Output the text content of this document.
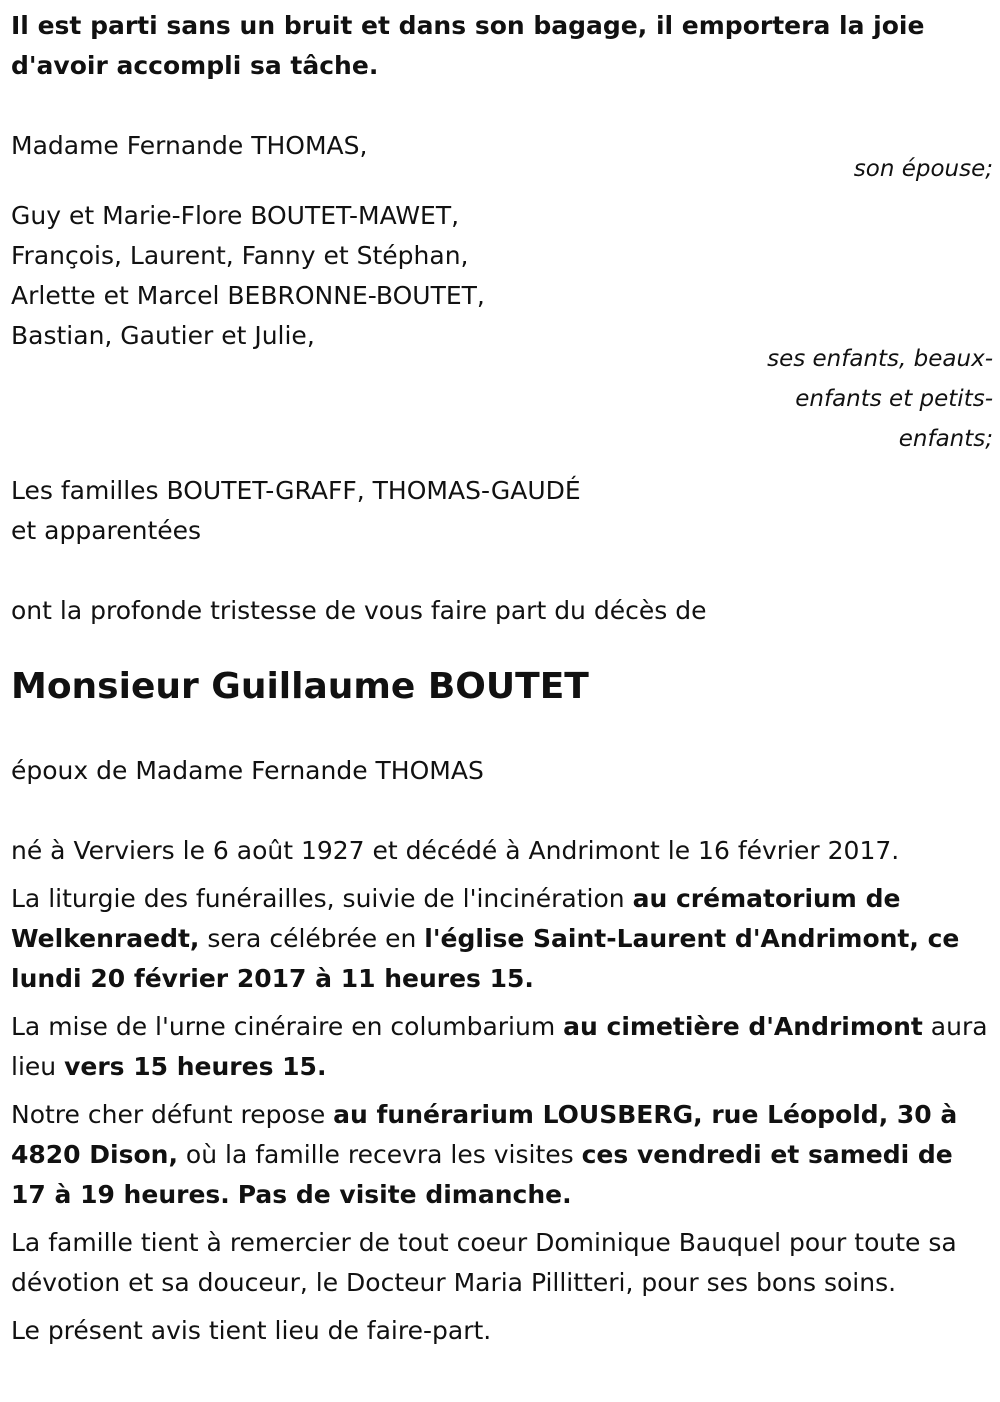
Il est parti sans un bruit et dans son bagage, il emportera la joie

d'avoir accompli sa tâche.

Madame Fernande THOMAS,

son épouse;

Guy et Marie-Flore BOUTET-MAWET,

François, Laurent, Fanny et Stéphan,

Arlette et Marcel BEBRONNE-BOUTET,

Bastian, Gautier et Julie,

ses enfants, beaux-

enfants et petits-

enfants;

Les familles BOUTET-GRAFF, THOMAS-GAUDÉ

et apparentées

ont la profonde tristesse de vous faire part du décès de

Monsieur Guillaume BOUTET

époux de Madame Fernande THOMAS

né à Verviers le 6 août 1927 et décédé à Andrimont le 16 février 2017.

La liturgie des funérailles, suivie de l'incinération au crématorium de Welkenraedt, sera célébrée en l'église Saint-Laurent d'Andrimont, ce lundi 20 février 2017 à 11 heures 15.

La mise de l'urne cinéraire en columbarium au cimetière d'Andrimont aura lieu vers 15 heures 15.

Notre cher défunt repose au funérarium LOUSBERG, rue Léopold, 30 à 4820 Dison, où la famille recevra les visites ces vendredi et samedi de 17 à 19 heures. Pas de visite dimanche.

La famille tient à remercier de tout coeur Dominique Bauquel pour toute sa dévotion et sa douceur, le Docteur Maria Pillitteri, pour ses bons soins.

Le présent avis tient lieu de faire-part.
